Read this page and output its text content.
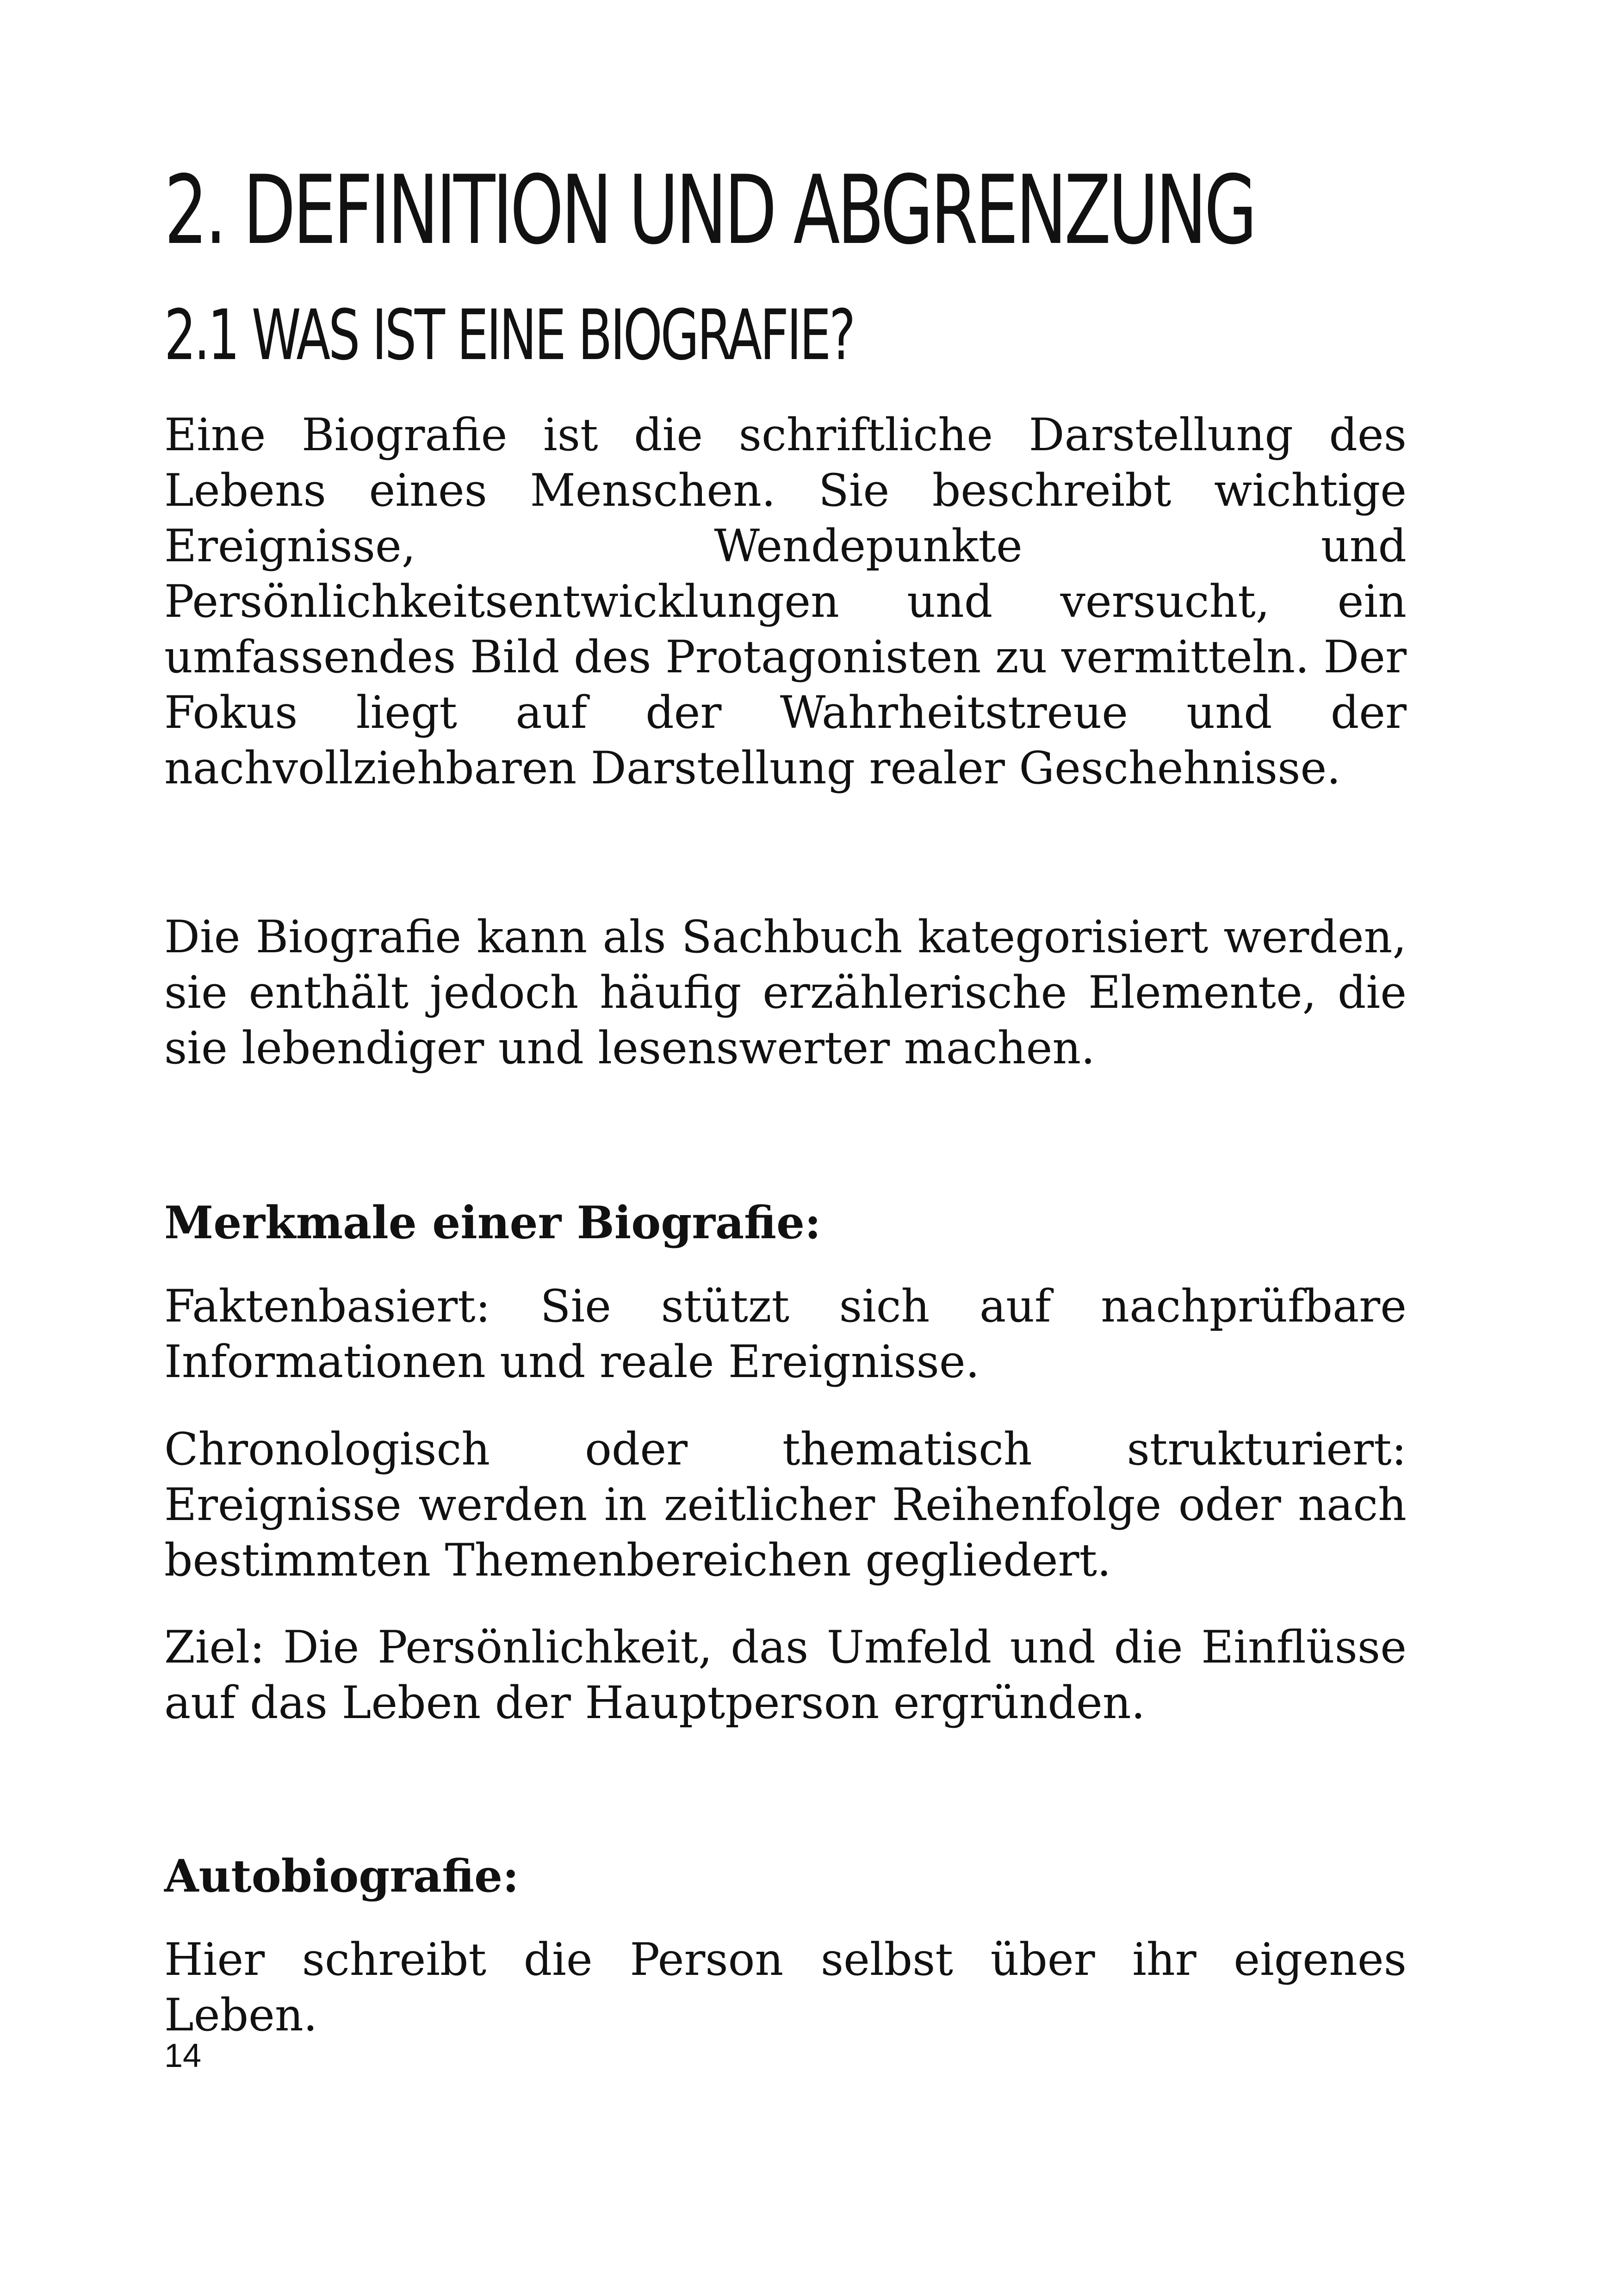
2. DEFINITION UND ABGRENZUNG
2.1 WAS IST EINE BIOGRAFIE?

Eine Biografie ist die schriftliche Darstellung des Lebens eines Menschen. Sie beschreibt wichtige Ereignisse, Wendepunkte und Persönlichkeitsentwicklungen und versucht, ein umfassendes Bild des Protagonisten zu vermitteln. Der Fokus liegt auf der Wahrheitstreue und der nachvollziehbaren Darstellung realer Geschehnisse.

Die Biografie kann als Sachbuch kategorisiert werden, sie enthält jedoch häufig erzählerische Elemente, die sie lebendiger und lesenswerter machen.

Merkmale einer Biografie:

Faktenbasiert: Sie stützt sich auf nachprüfbare Informationen und reale Ereignisse.

Chronologisch oder thematisch strukturiert: Ereignisse werden in zeitlicher Reihenfolge oder nach bestimmten Themenbereichen gegliedert.

Ziel: Die Persönlichkeit, das Umfeld und die Einflüsse auf das Leben der Hauptperson ergründen.

Autobiografie:

Hier schreibt die Person selbst über ihr eigenes Leben.

14
